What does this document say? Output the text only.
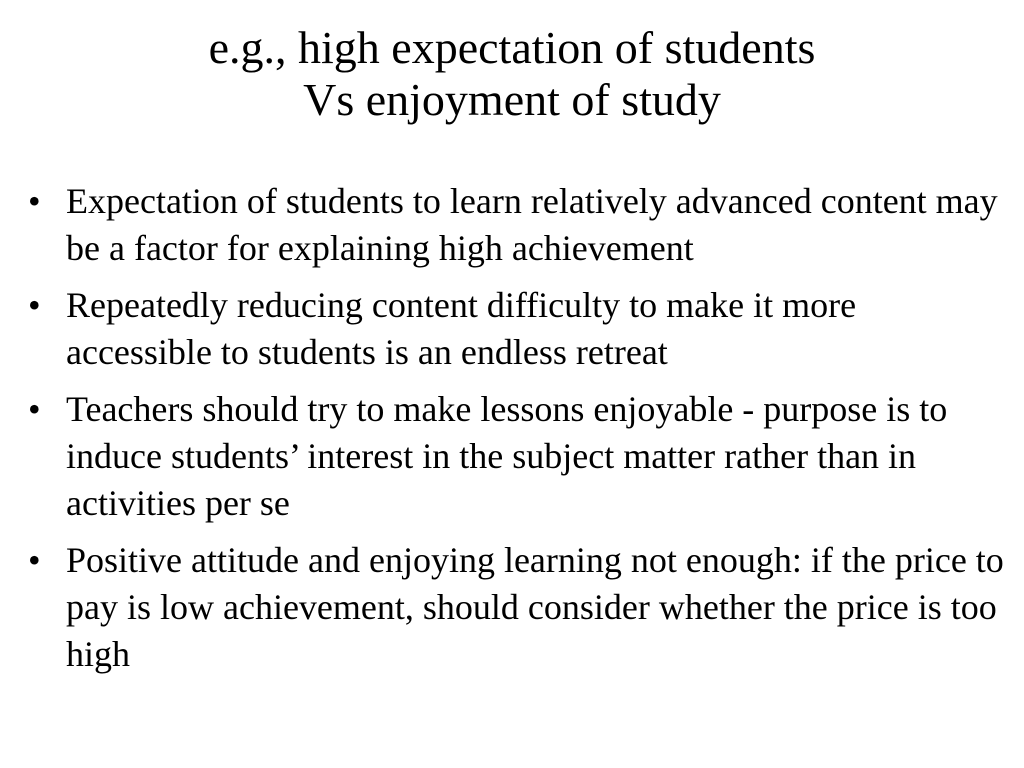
e.g., high expectation of students
Vs enjoyment of study
• Expectation of students to learn relatively advanced content may be a factor for explaining high achievement
• Repeatedly reducing content difficulty to make it more accessible to students is an endless retreat
• Teachers should try to make lessons enjoyable - purpose is to induce students’ interest in the subject matter rather than in activities per se
• Positive attitude and enjoying learning not enough: if the price to pay is low achievement, should consider whether the price is too high
